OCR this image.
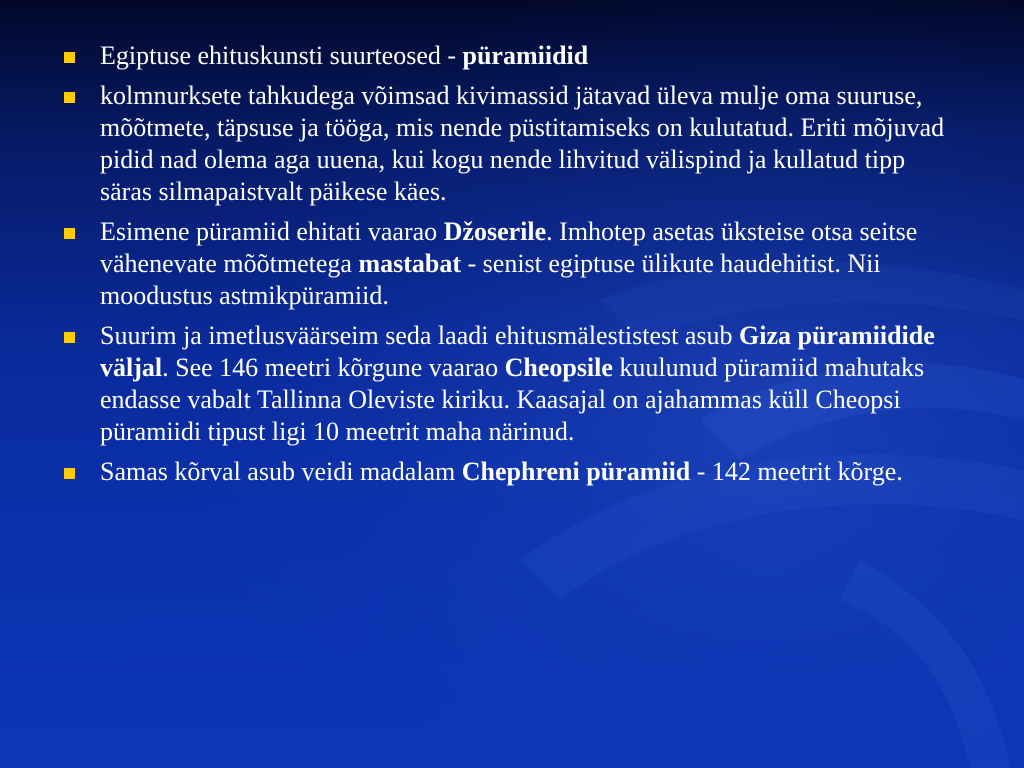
Egiptuse ehituskunsti suurteosed - püramiidid
kolmnurksete tahkudega võimsad kivimassid jätavad üleva mulje oma suuruse, mõõtmete, täpsuse ja tööga, mis nende püstitamiseks on kulutatud. Eriti mõjuvad pidid nad olema aga uuena, kui kogu nende lihvitud välispind ja kullatud tipp säras silmapaistvalt päikese käes.
Esimene püramiid ehitati vaarao Džoserile. Imhotep asetas üksteise otsa seitse vähenevate mõõtmetega mastabat - senist egiptuse ülikute haudehitist. Nii moodustus astmikpüramiid.
Suurim ja imetlusväärseim seda laadi ehitusmälestistest asub Giza püramiidide väljal. See 146 meetri kõrgune vaarao Cheopsile kuulunud püramiid mahutaks endasse vabalt Tallinna Oleviste kiriku. Kaasajal on ajahammas küll Cheopsi püramiidi tipust ligi 10 meetrit maha närinud.
Samas kõrval asub veidi madalam Chephreni püramiid - 142 meetrit kõrge.
